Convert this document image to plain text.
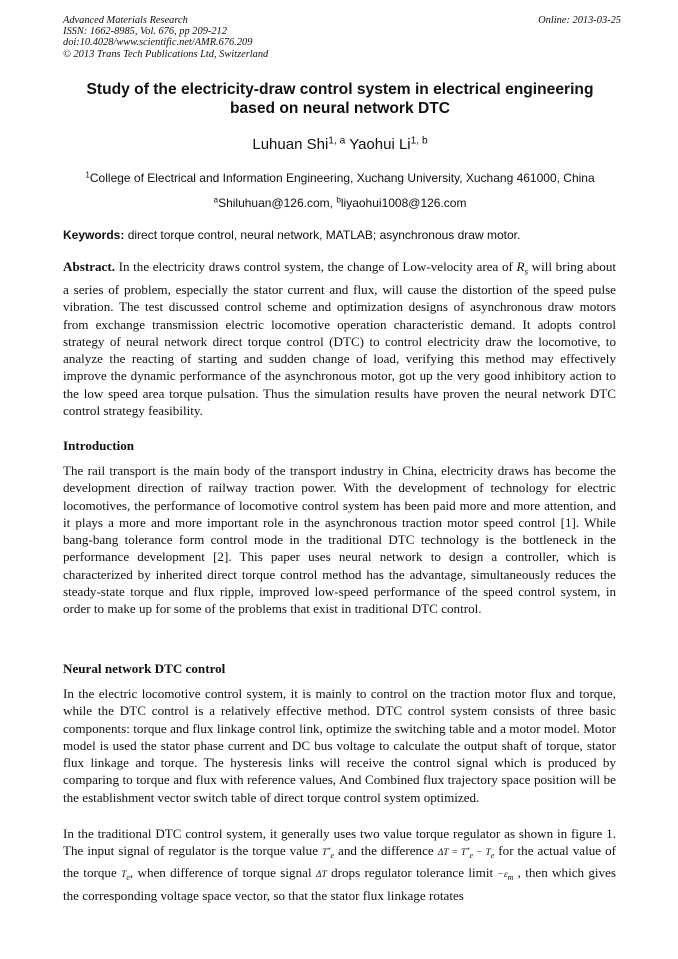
Advanced Materials Research
ISSN: 1662-8985, Vol. 676, pp 209-212
doi:10.4028/www.scientific.net/AMR.676.209
© 2013 Trans Tech Publications Ltd, Switzerland
Online: 2013-03-25
Study of the electricity-draw control system in electrical engineering
based on neural network DTC
Luhuan Shi$^{1, a}$ Yaohui Li$^{1, b}$
$^1$College of Electrical and Information Engineering, Xuchang University, Xuchang 461000, China
$^a$Shiluhuan@126.com, $^b$liyaohui1008@126.com
Keywords: direct torque control, neural network, MATLAB; asynchronous draw motor.
Abstract. In the electricity draws control system, the change of Low-velocity area of $R_s$ will bring about a series of problem, especially the stator current and flux, will cause the distortion of the speed pulse vibration. The test discussed control scheme and optimization designs of asynchronous draw motors from exchange transmission electric locomotive operation characteristic demand. It adopts control strategy of neural network direct torque control (DTC) to control electricity draw the locomotive, to analyze the reacting of starting and sudden change of load, verifying this method may effectively improve the dynamic performance of the asynchronous motor, got up the very good inhibitory action to the low speed area torque pulsation. Thus the simulation results have proven the neural network DTC control strategy feasibility.
Introduction
The rail transport is the main body of the transport industry in China, electricity draws has become the development direction of railway traction power. With the development of technology for electric locomotives, the performance of locomotive control system has been paid more and more attention, and it plays a more and more important role in the asynchronous traction motor speed control [1]. While bang-bang tolerance form control mode in the traditional DTC technology is the bottleneck in the performance development [2]. This paper uses neural network to design a controller, which is characterized by inherited direct torque control method has the advantage, simultaneously reduces the steady-state torque and flux ripple, improved low-speed performance of the speed control system, in order to make up for some of the problems that exist in traditional DTC control.
Neural network DTC control
In the electric locomotive control system, it is mainly to control on the traction motor flux and torque, while the DTC control is a relatively effective method. DTC control system consists of three basic components: torque and flux linkage control link, optimize the switching table and a motor model. Motor model is used the stator phase current and DC bus voltage to calculate the output shaft of torque, stator flux linkage and torque. The hysteresis links will receive the control signal which is produced by comparing to torque and flux with reference values, And Combined flux trajectory space position will be the establishment vector switch table of direct torque control system optimized.
In the traditional DTC control system, it generally uses two value torque regulator as shown in figure 1. The input signal of regulator is the torque value $T^*_e$ and the difference $\Delta T = T^*_e - T_e$ for the actual value of the torque $T_e$, when difference of torque signal ΔT drops regulator tolerance limit $-\varepsilon_m$ , then which gives the corresponding voltage space vector, so that the stator flux linkage rotates
